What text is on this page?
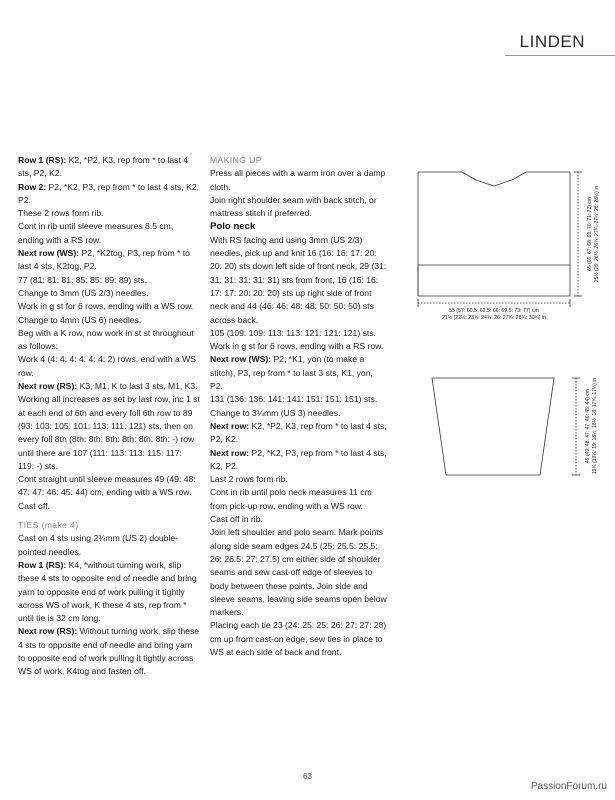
LINDEN

Row 1 (RS): K2, *P2, K3, rep from * to last 4 sts, P2, K2.

Row 2: P2, *K2, P3, rep from * to last 4 sts, K2, P2.

These 2 rows form rib.

Cont in rib until sleeve measures 8.5 cm, ending with a RS row.

Next row (WS): P2, *K2tog, P3, rep from * to last 4 sts, K2tog, P2.

77 (81: 81: 81: 85: 85: 89: 89) sts.

Change to 3mm (US 2/3) needles.

Work in g st for 6 rows, ending with a WS row.

Change to 4mm (US 6) needles.

Beg with a K row, now work in st st throughout as follows:

Work 4 (4: 4: 4: 4: 4: 4: 2) rows, end with a WS row.

Next row (RS): K3, M1, K to last 3 sts, M1, K3.

Working all increases as set by last row, inc 1 st at each end of 6th and every foll 6th row to 89 (93: 103: 105: 101: 113: 111: 121) sts, then on every foll 8th (8th: 8th: 8th: 8th: 8th: 8th: -) row until there are 107 (111: 113: 113: 115: 117: 119: -) sts.

Cont straight until sleeve measures 49 (49: 48: 47: 47: 46: 45: 44) cm, ending with a WS row.

Cast off.

TIES (make 4)

Cast on 4 sts using 2¾mm (US 2) double-pointed needles.

Row 1 (RS): K4, *without turning work, slip these 4 sts to opposite end of needle and bring yarn to opposite end of work pulling it tightly across WS of work, K these 4 sts, rep from * until tie is 32 cm long.

Next row (RS): Without turning work, slip these 4 sts to opposite end of needle and bring yarn to opposite end of work pulling it tightly across WS of work, K4tog and fasten off.

MAKING UP

Press all pieces with a warm iron over a damp cloth.

Join right shoulder seam with back stitch, or mattress stitch if preferred.

Polo neck

With RS facing and using 3mm (US 2/3) needles, pick up and knit 16 (16: 16: 17: 20: 20: 20) sts down left side of front neck, 29 (31: 31: 31: 31: 31: 31) sts from front, 16 (16: 16: 17: 17: 20: 20: 20) sts up right side of front neck and 44 (46: 46: 48: 48: 50: 50: 50) sts across back.

105 (109: 109: 113: 113: 121: 121: 121) sts.

Work in g st for 6 rows, ending with a RS row.

Next row (WS): P2, *K1, yon (to make a stitch), P3, rep from * to last 3 sts, K1, yon, P2.

131 (136: 136: 141: 141: 151: 151: 151) sts.

Change to 3¼mm (US 3) needles.

Next row: K2, *P2, K3, rep from * to last 4 sts, P2, K2.

Next row: P2, *K2, P3, rep from * to last 4 sts, K2, P2.

Last 2 rows form rib.

Cont in rib until polo neck measures 11 cm from pick-up row, ending with a WS row.

Cast off in rib.

Join left shoulder and polo seam. Mark points along side seam edges 24.5 (25: 25.5: 25.5: 26: 26.5: 27: 27.5) cm either side of shoulder seams and sew cast-off edge of sleeves to body between these points. Join side and sleeve seams, leaving side seams open below markers.

Placing each tie 23 (24: 25: 25: 26: 27: 27: 28) cm up from cast-on edge, sew ties in place to WS at each side of back and front.

55 (57: 60.5: 62.5: 66: 69.5: 73: 77) cm
21½ (22½: 23¾: 24¾: 26: 27¼: 28¾: 30¼) in
65 (66: 67: 68: 69: 70: 71: 72) cm 25½ (26: 26½: 26¾: 27¼: 27½: 28: 28½) in
49 (49: 48: 47: 47: 46: 45: 44) cm 19¼ (19¼: 19: 18½: 18½: 18: 17¾: 17¼) in
63
PassionForum.ru
